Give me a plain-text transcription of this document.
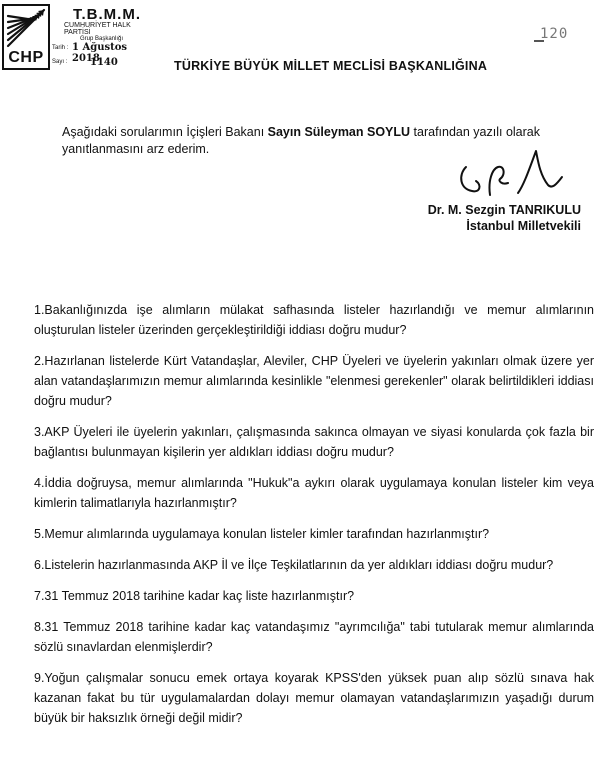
CHP
T.B.M.M.
CUMHURİYET HALK PARTİSİ
Grup Başkanlığı
Tarih : 1 Ağustos 2018
Sayı : 1140
120
TÜRKİYE BÜYÜK MİLLET MECLİSİ BAŞKANLIĞINA

Aşağıdaki sorularımın İçişleri Bakanı Sayın Süleyman SOYLU tarafından yazılı olarak yanıtlanmasını arz ederim.

Dr. M. Sezgin TANRIKULU
İstanbul Milletvekili
1.Bakanlığınızda işe alımların mülakat safhasında listeler hazırlandığı ve memur alımlarının oluşturulan listeler üzerinden gerçekleştirildiği iddiası doğru mudur?
2.Hazırlanan listelerde Kürt Vatandaşlar, Aleviler, CHP Üyeleri ve üyelerin yakınları olmak üzere yer alan vatandaşlarımızın memur alımlarında kesinlikle "elenmesi gerekenler" olarak belirtildikleri iddiası doğru mudur?
3.AKP Üyeleri ile üyelerin yakınları, çalışmasında sakınca olmayan ve siyasi konularda çok fazla bir bağlantısı bulunmayan kişilerin yer aldıkları iddiası doğru mudur?
4.İddia doğruysa, memur alımlarında "Hukuk"a aykırı olarak uygulamaya konulan listeler kim veya kimlerin talimatlarıyla hazırlanmıştır?
5.Memur alımlarında uygulamaya konulan listeler kimler tarafından hazırlanmıştır?
6.Listelerin hazırlanmasında AKP İl ve İlçe Teşkilatlarının da yer aldıkları iddiası doğru mudur?
7.31 Temmuz 2018 tarihine kadar kaç liste hazırlanmıştır?
8.31 Temmuz 2018 tarihine kadar kaç vatandaşımız "ayrımcılığa" tabi tutularak memur alımlarında sözlü sınavlardan elenmişlerdir?
9.Yoğun çalışmalar sonucu emek ortaya koyarak KPSS'den yüksek puan alıp sözlü sınava hak kazanan fakat bu tür uygulamalardan dolayı memur olamayan vatandaşlarımızın yaşadığı durum büyük bir haksızlık örneği değil midir?
